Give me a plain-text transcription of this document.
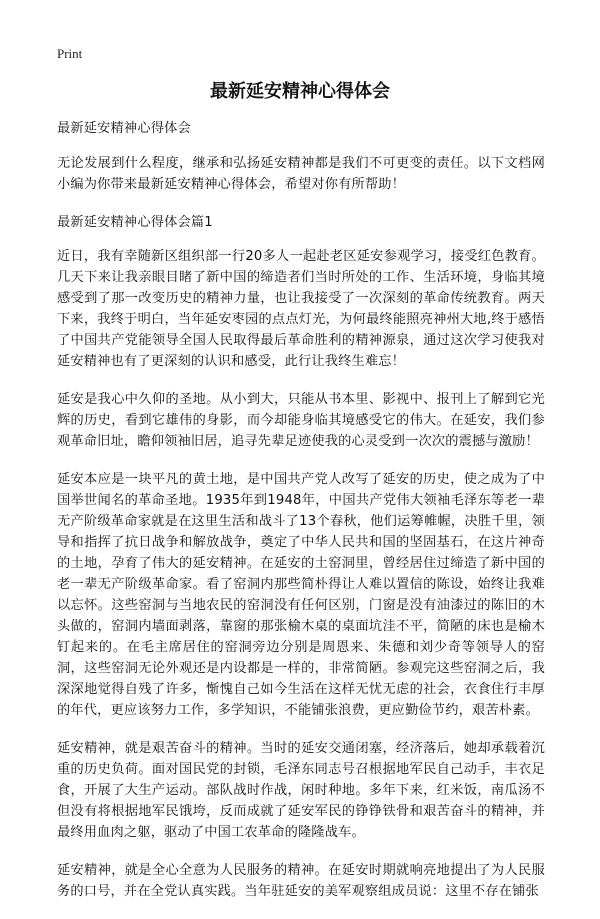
Print
最新延安精神心得体会

最新延安精神心得体会

无论发展到什么程度，继承和弘扬延安精神都是我们不可更变的责任。以下文档网小编为你带来最新延安精神心得体会，希望对你有所帮助！

最新延安精神心得体会篇1

近日，我有幸随新区组织部一行20多人一起赴老区延安参观学习，接受红色教育。几天下来让我亲眼目睹了新中国的缔造者们当时所处的工作、生活环境，身临其境感受到了那一改变历史的精神力量，也让我接受了一次深刻的革命传统教育。两天下来，我终于明白，当年延安枣园的点点灯光，为何最终能照亮神州大地,终于感悟了中国共产党能领导全国人民取得最后革命胜利的精神源泉，通过这次学习使我对延安精神也有了更深刻的认识和感受，此行让我终生难忘！

延安是我心中久仰的圣地。从小到大，只能从书本里、影视中、报刊上了解到它光辉的历史，看到它雄伟的身影，而今却能身临其境感受它的伟大。在延安，我们参观革命旧址，瞻仰领袖旧居，追寻先辈足迹使我的心灵受到一次次的震撼与激励！

延安本应是一块平凡的黄土地，是中国共产党人改写了延安的历史，使之成为了中国举世闻名的革命圣地。1935年到1948年，中国共产党伟大领袖毛泽东等老一辈无产阶级革命家就是在这里生活和战斗了13个春秋，他们运筹帷幄，决胜千里，领导和指挥了抗日战争和解放战争，奠定了中华人民共和国的坚固基石，在这片神奇的土地，孕育了伟大的延安精神。在延安的土窑洞里，曾经居住过缔造了新中国的老一辈无产阶级革命家。看了窑洞内那些简朴得让人难以置信的陈设，始终让我难以忘怀。这些窑洞与当地农民的窑洞没有任何区别，门窗是没有油漆过的陈旧的木头做的，窑洞内墙面剥落，靠窗的那张榆木桌的桌面坑洼不平，简陋的床也是榆木钉起来的。在毛主席居住的窑洞旁边分别是周恩来、朱德和刘少奇等领导人的窑洞，这些窑洞无论外观还是内设都是一样的，非常简陋。参观完这些窑洞之后，我深深地觉得自残了许多，惭愧自己如今生活在这样无忧无虑的社会，衣食住行丰厚的年代，更应该努力工作，多学知识，不能铺张浪费，更应勤俭节约，艰苦朴素。

延安精神，就是艰苦奋斗的精神。当时的延安交通闭塞，经济落后，她却承载着沉重的历史负荷。面对国民党的封锁，毛泽东同志号召根据地军民自己动手，丰衣足食，开展了大生产运动。部队战时作战，闲时种地。多年下来，红米饭，南瓜汤不但没有将根据地军民饿垮，反而成就了延安军民的铮铮铁骨和艰苦奋斗的精神，并最终用血肉之躯，驱动了中国工农革命的隆隆战车。

延安精神，就是全心全意为人民服务的精神。在延安时期就响亮地提出了为人民服务的口号，并在全党认真实践。当年驻延安的美军观察组成员说：这里不存在铺张
